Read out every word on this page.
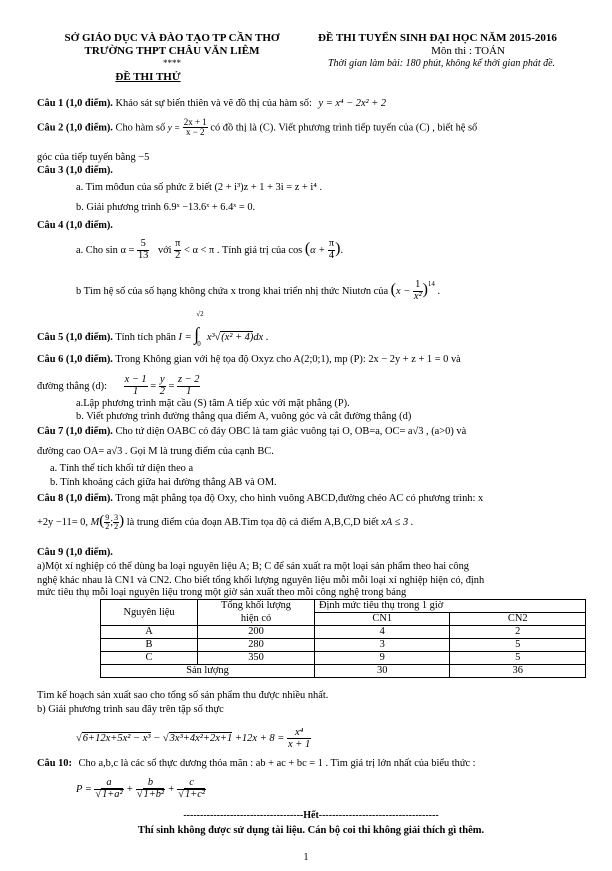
SỞ GIÁO DỤC VÀ ĐÀO TẠO TP CẦN THƠ
TRƯỜNG THPT CHÂU VĂN LIÊM
****
ĐỀ THI THỬ
ĐỀ THI TUYỂN SINH ĐẠI HỌC NĂM 2015-2016
Môn thi : TOÁN
Thời gian làm bài: 180 phút, không kể thời gian phát đề.
Câu 1 (1,0 điểm). Khảo sát sự biến thiên và vẽ đồ thị của hàm số: y = x⁴ − 2x² + 2
Câu 2 (1,0 điểm). Cho hàm số $y = \frac{2x + 1}{x - 2}$ có đồ thị là (C). Viết phương trình tiếp tuyến của (C) , biết hệ số
góc của tiếp tuyến bằng −5
Câu 3 (1,0 điểm).
a. Tìm môđun của số phức z̄ biết (2 + i³)z + 1 + 3i = z + i⁴ .
b. Giải phương trình 6.9ˣ −13.6ˣ + 6.4ˣ = 0.
Câu 4 (1,0 điểm).
a. Cho $\sin \alpha = \frac{5}{13}$ với $\frac{\pi}{2} < \alpha < \pi$ . Tính giá trị của $\cos (\alpha + \frac{\pi}{4}$ ).
b Tìm hệ số của số hạng không chứa x trong khai triển nhị thức Niutơn của $(x - \frac{1}{\text{x²}} )^{14}$ .
Câu 5 (1,0 điểm). Tính tích phân I =
√2
∫
0
x³√(x² + 4)dx .
Câu 6 (1,0 điểm). Trong Không gian với hệ tọa độ Oxyz cho A(2;0;1), mp (P): 2x − 2y + z + 1 = 0 và
đường thẳng (d): $\frac{x - 1}{1} = \frac{y}{2} = \frac{z - 2}{1}$
a.Lập phương trình mặt cầu (S) tâm A tiếp xúc với mặt phẳng (P).
b. Viết phương trình đường thẳng qua điểm A, vuông góc và cắt đường thẳng (d)
Câu 7 (1,0 điểm). Cho tứ diện OABC có đáy OBC là tam giác vuông tại O, OB=a, OC= a√3 , (a>0) và
đường cao OA= a√3 . Gọi M là trung điểm của cạnh BC.
a. Tính thể tích khối tứ diện theo a
b. Tính khoảng cách giữa hai đường thẳng AB và OM.
Câu 8 (1,0 điểm). Trong mặt phẳng tọa độ Oxy, cho hình vuông ABCD,đường chéo AC có phương trình: x
+2y −11= 0, $M( \frac{9}{2}$ ; $\frac{3}{2}$ ) là trung điểm của đoạn AB.Tìm tọa độ cả điểm A,B,C,D biết xA ≤ 3 .
Câu 9 (1,0 điểm).
a)Một xí nghiệp có thể dùng ba loại nguyên liệu A; B; C để sản xuất ra một loại sản phẩm theo hai công
nghệ khác nhau là CN1 và CN2. Cho biết tổng khối lượng nguyên liệu mỗi mỗi loại xí nghiệp hiện có, định
mức tiêu thụ mỗi loại nguyên liệu trong một giờ sản xuất theo mỗi công nghệ trong bảng
Nguyên liệu	Tổng khối lượng	Định mức tiêu thụ trong 1 giờ	
	hiện có	CN1	CN2
A	200	4	2
B	280	3	5
C	350	9	5
Sản lượng		30	36
Tìm kế hoạch sản xuất sao cho tổng số sản phẩm thu được nhiều nhất.
b) Giải phương trình sau đây trên tập số thực
$√6+12x+5x^2 - x^3 - √3x^3+4x^2+2x+1 +12x + 8 = \frac{\text{x⁴}}{x + 1}$
Câu 10: Cho a,b,c là các số thực dương thỏa mãn : ab + ac + bc = 1 . Tìm giá trị lớn nhất của biểu thức :
$P = \frac{a}{\text{√1+a²}} + \frac{b}{\text{√1+b²}} + \frac{c}{\text{√1+c²}}$
------------------------------------Hết------------------------------------
Thí sinh không được sử dụng tài liệu. Cán bộ coi thi không giải thích gì thêm.
1
